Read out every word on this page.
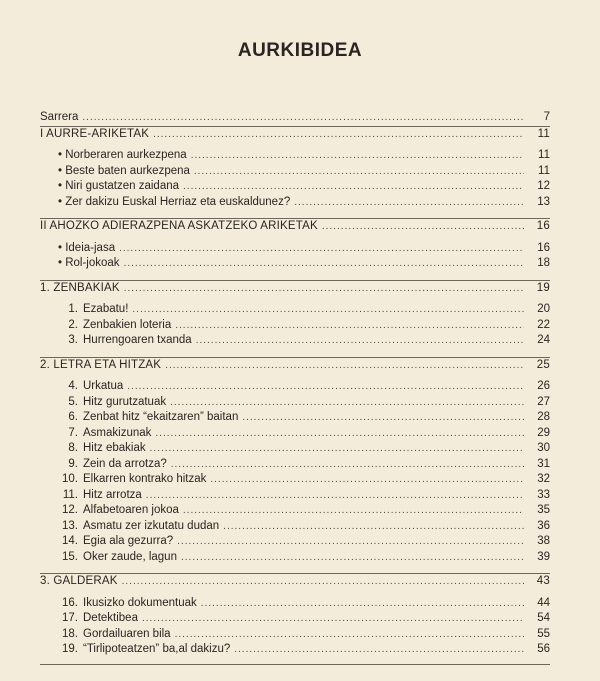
AURKIBIDEA
Sarrera .....	7
I AURRE-ARIKETAK .....	11
• Norberaren aurkezpena .....	11
• Beste baten aurkezpena .....	11
• Niri gustatzen zaidana .....	12
• Zer dakizu Euskal Herriaz eta euskaldunez? .....	13
II AHOZKO ADIERAZPENA ASKATZEKO ARIKETAK .....	16
• Ideia-jasa .....	16
• Rol-jokoak .....	18
1. ZENBAKIAK .....	19
1. Ezabatu! .....	20
2. Zenbakien loteria .....	22
3. Hurrengoaren txanda .....	24
2. LETRA ETA HITZAK .....	25
4. Urkatua .....	26
5. Hitz gurutzatuak .....	27
6. Zenbat hitz “ekaitzaren” baitan .....	28
7. Asmakizunak .....	29
8. Hitz ebakiak .....	30
9. Zein da arrotza? .....	31
10. Elkarren kontrako hitzak .....	32
11. Hitz arrotza .....	33
12. Alfabetoaren jokoa .....	35
13. Asmatu zer izkutatu dudan .....	36
14. Egia ala gezurra? .....	38
15. Oker zaude, lagun .....	39
3. GALDERAK .....	43
16. Ikusizko dokumentuak .....	44
17. Detektibea .....	54
18. Gordailuaren bila .....	55
19. “Tirlipoteatzen” ba,al dakizu? .....	56
